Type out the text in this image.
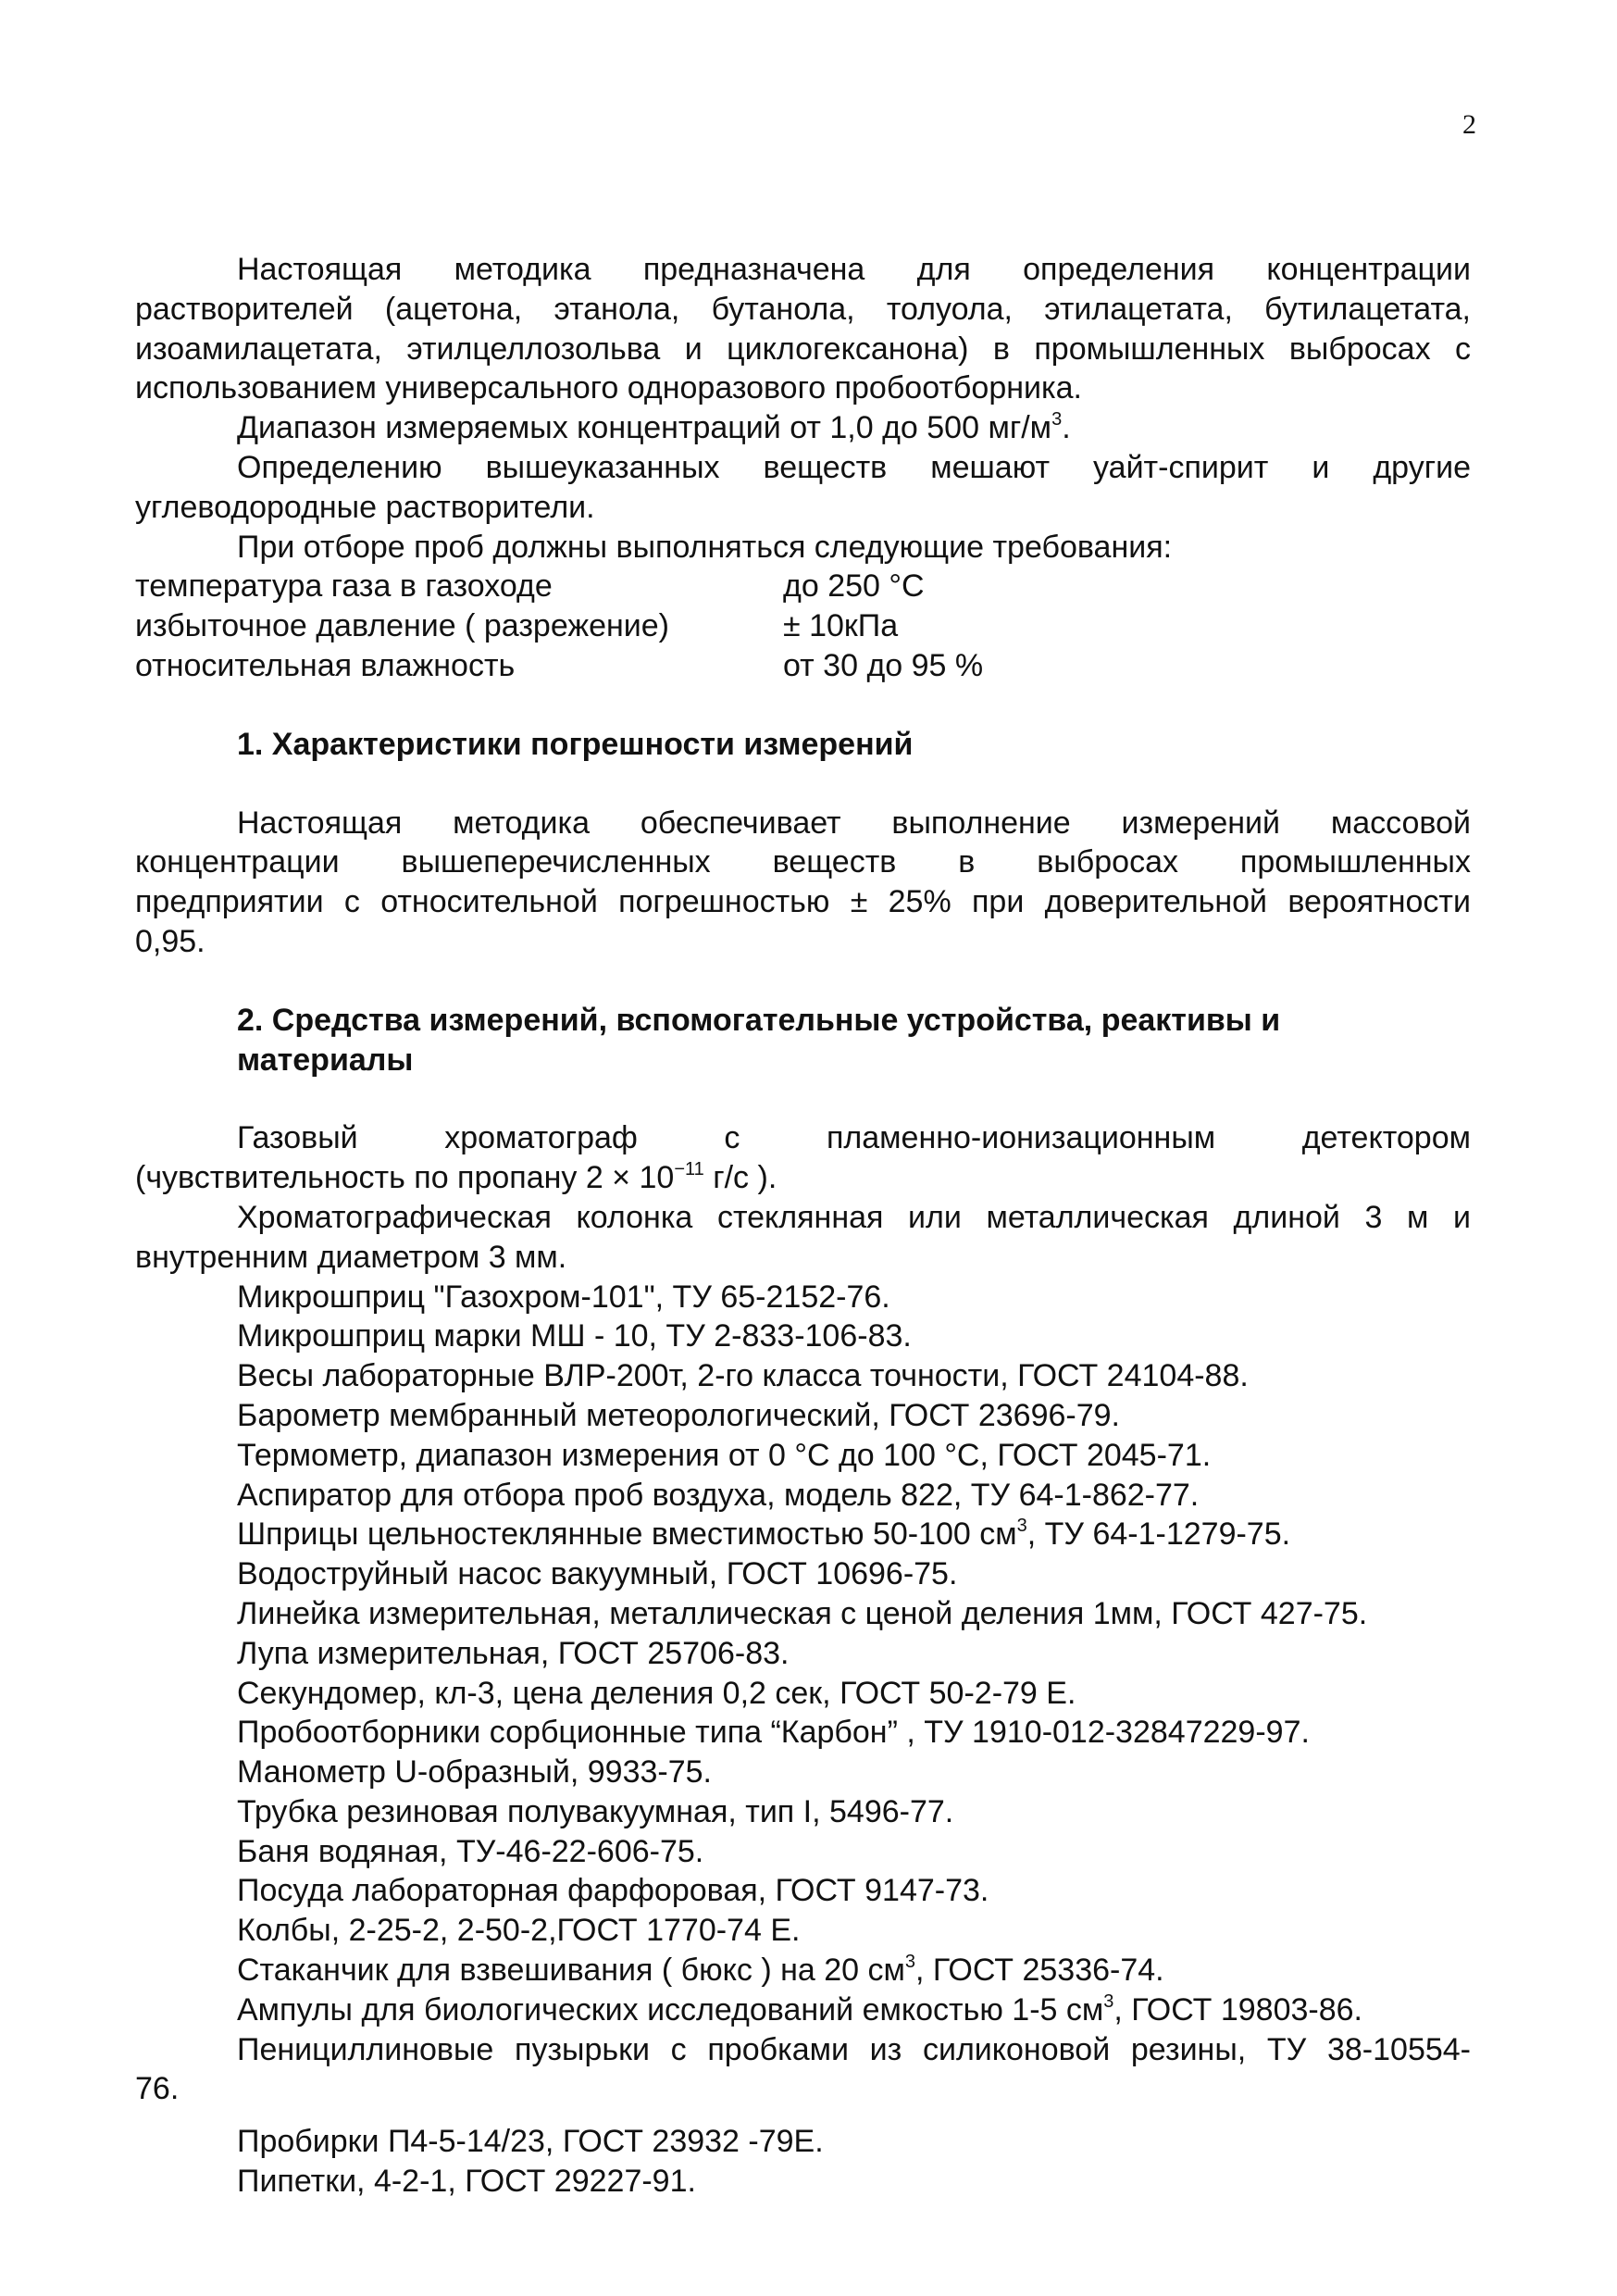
2
Настоящая методика предназначена для определения концентрации
растворителей (ацетона, этанола, бутанола, толуола, этилацетата, бутилацетата,
изоамилацетата, этилцеллозольва и циклогексанона) в промышленных выбросах с
использованием универсального одноразового пробоотборника.
Диапазон измеряемых концентраций от 1,0 до 500 $мг/м^3$.
Определению вышеуказанных веществ мешают уайт-спирит и другие
углеводородные растворители.
При отборе проб должны выполняться следующие требования:
температура газа в газоходе	до 250 °С
избыточное давление ( разрежение)	± 10кПа
относительная влажность	от 30 до 95 %
1. Характеристики погрешности измерений
Настоящая методика обеспечивает выполнение измерений массовой
концентрации вышеперечисленных веществ в выбросах промышленных
предприятии с относительной погрешностью ± 25% при доверительной вероятности
0,95.
2. Средства измерений, вспомогательные устройства, реактивы и
материалы
Газовый хроматограф с пламенно-ионизационным детектором
(чувствительность по пропану $2 \times 10^{-11}$ г/с ).
Хроматографическая колонка стеклянная или металлическая длиной 3 м и
внутренним диаметром 3 мм.
Микрошприц "Газохром-101", ТУ 65-2152-76.
Микрошприц марки МШ - 10, ТУ 2-833-106-83.
Весы лабораторные ВЛР-200т, 2-го класса точности, ГОСТ 24104-88.
Барометр мембранный метеорологический, ГОСТ 23696-79.
Термометр, диапазон измерения от 0 °С до 100 °С, ГОСТ 2045-71.
Аспиратор для отбора проб воздуха, модель 822, ТУ 64-1-862-77.
Шприцы цельностеклянные вместимостью 50-100 $см^3$, ТУ 64-1-1279-75.
Водоструйный насос вакуумный, ГОСТ 10696-75.
Линейка измерительная, металлическая с ценой деления 1мм, ГОСТ 427-75.
Лупа измерительная, ГОСТ 25706-83.
Секундомер, кл-3, цена деления 0,2 сек, ГОСТ 50-2-79 Е.
Пробоотборники сорбционные типа “Карбон” , ТУ 1910-012-32847229-97.
Манометр U-образный, 9933-75.
Трубка резиновая полувакуумная, тип I, 5496-77.
Баня водяная, ТУ-46-22-606-75.
Посуда лабораторная фарфоровая, ГОСТ 9147-73.
Колбы, 2-25-2, 2-50-2,ГОСТ 1770-74 Е.
Стаканчик для взвешивания ( бюкс ) на 20 $см^3$, ГОСТ 25336-74.
Ампулы для биологических исследований емкостью 1-5 $см^3$, ГОСТ 19803-86.
Пенициллиновые пузырьки с пробками из силиконовой резины, ТУ 38-10554-
76.
Пробирки П4-5-14/23, ГОСТ 23932 -79Е.
Пипетки, 4-2-1, ГОСТ 29227-91.
